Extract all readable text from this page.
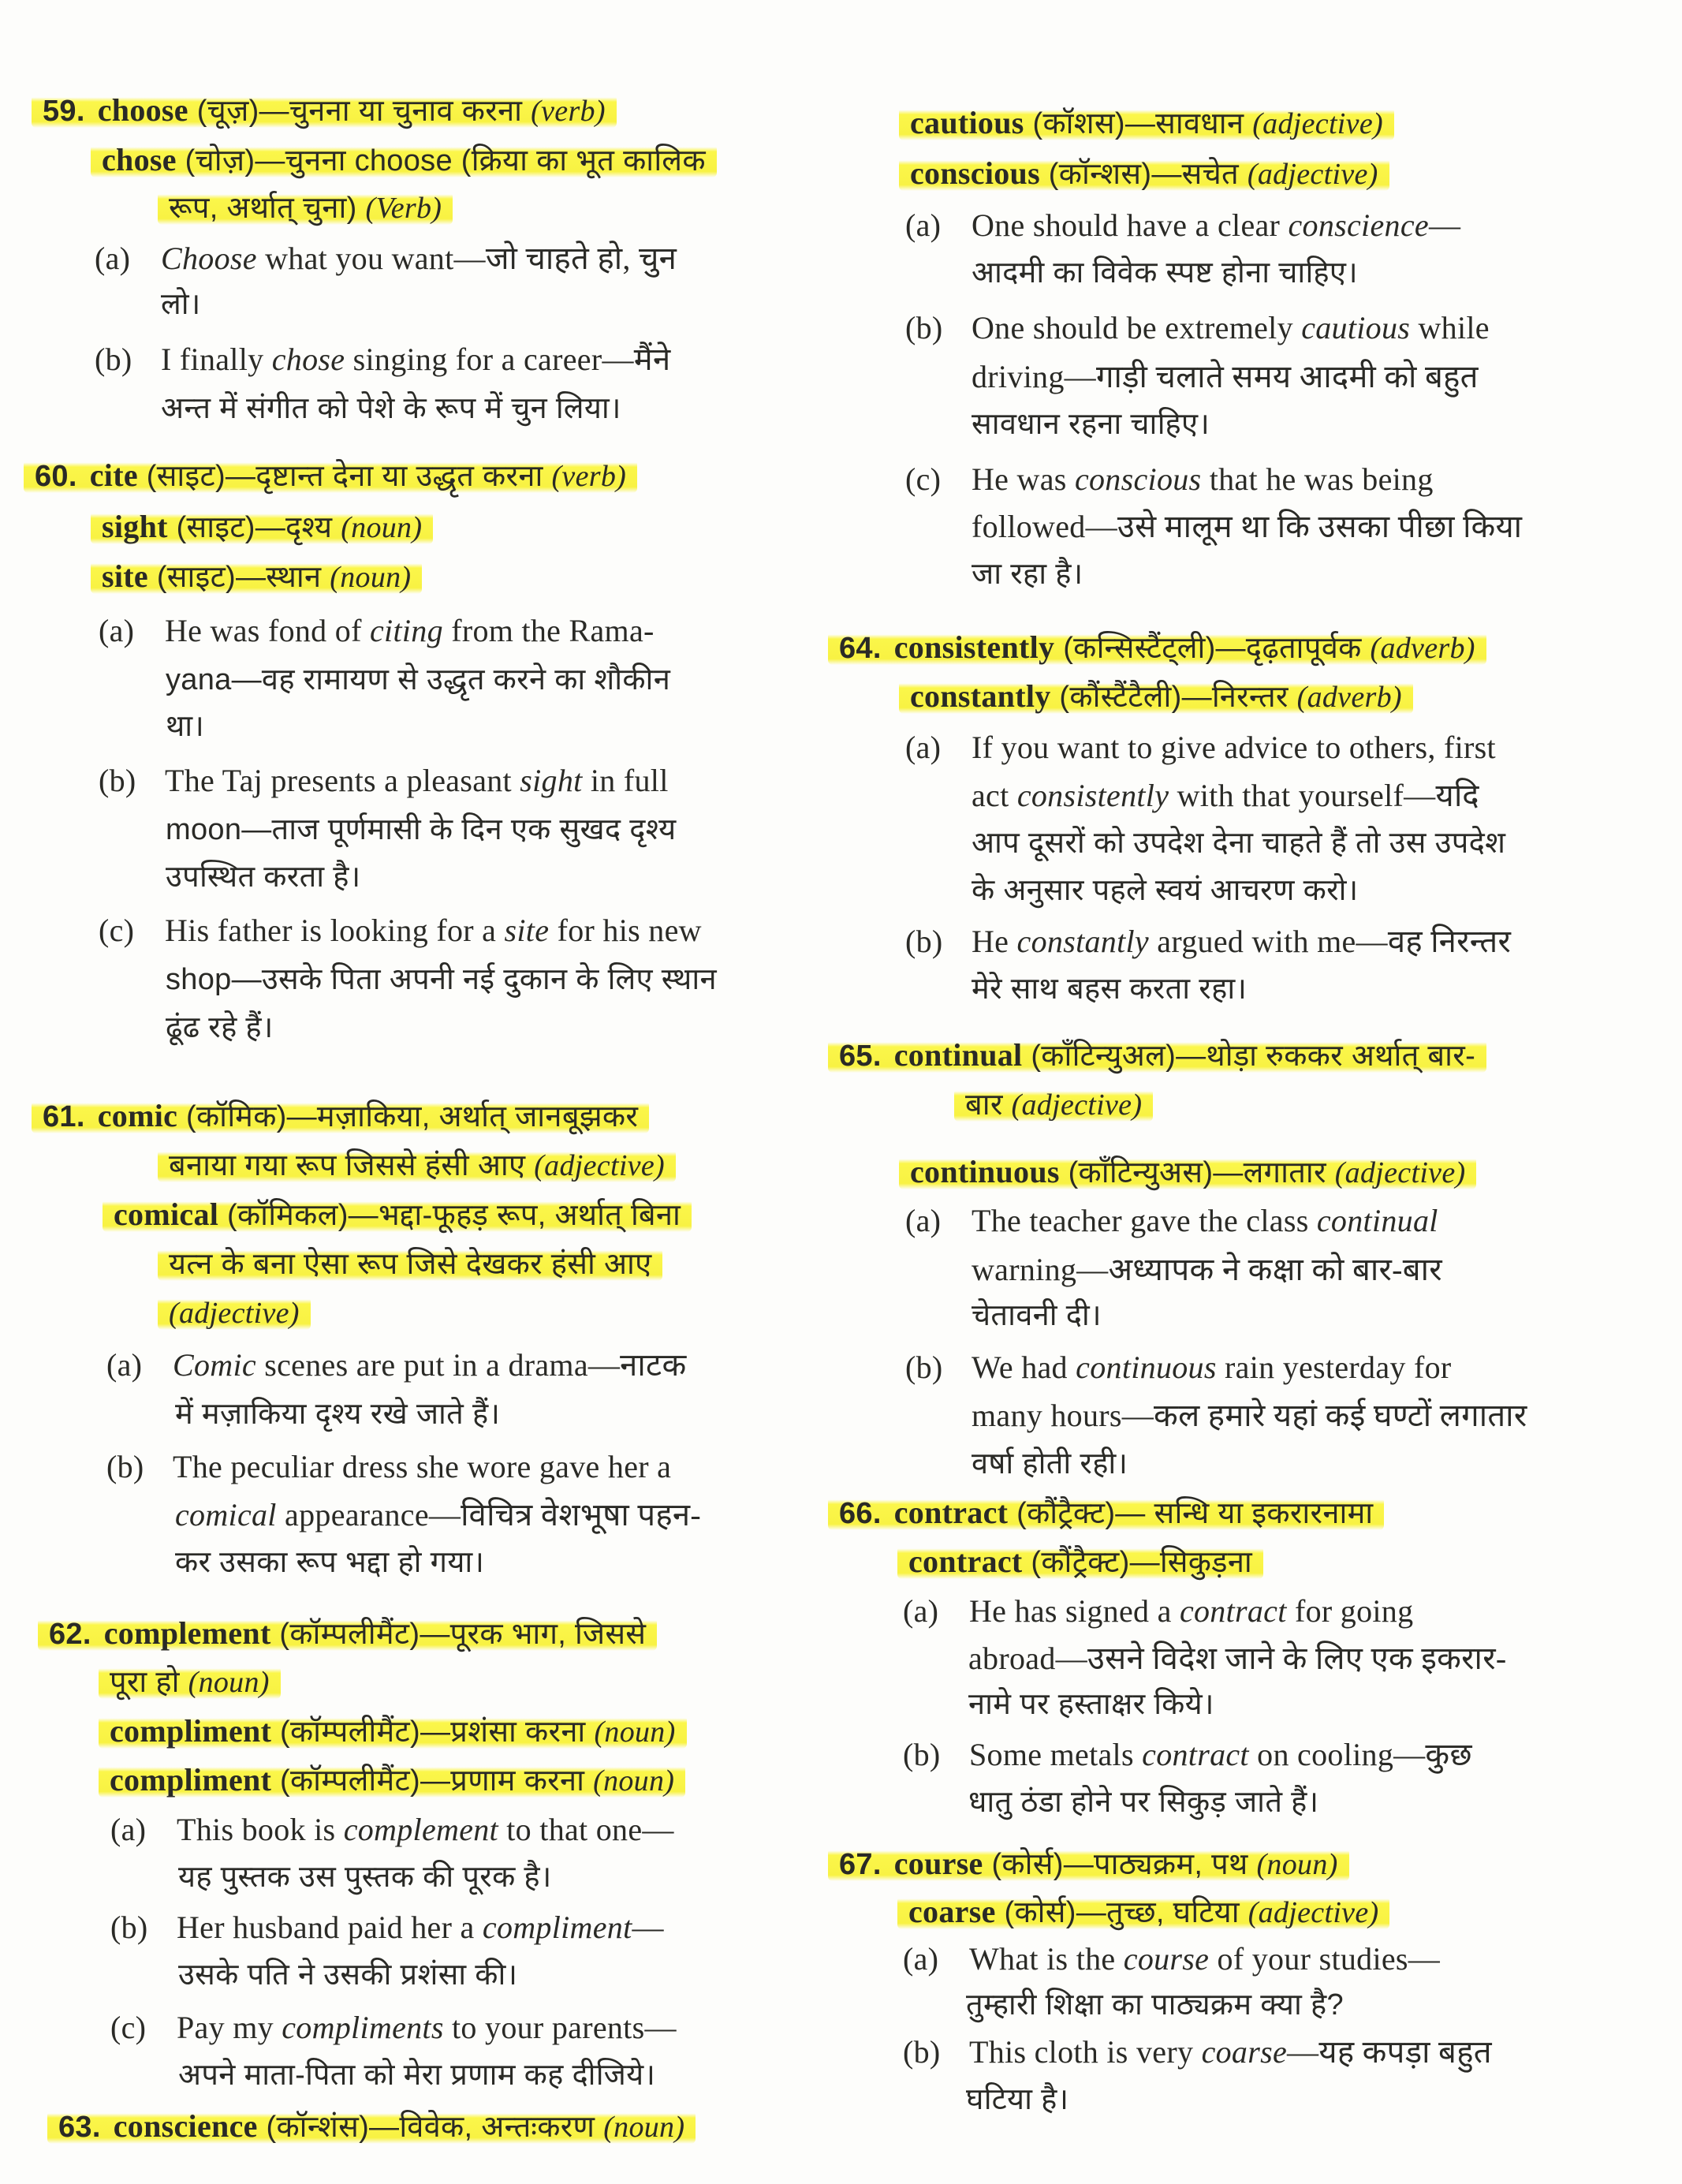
59. choose (चूज़)—चुनना या चुनाव करना (verb)
chose (चोज़)—चुनना choose (क्रिया का भूत कालिक
रूप, अर्थात् चुना) (Verb)
(a) Choose what you want—जो चाहते हो, चुन
लो।
(b) I finally chose singing for a career—मैंने
अन्त में संगीत को पेशे के रूप में चुन लिया।
60. cite (साइट)—दृष्टान्त देना या उद्धृत करना (verb)
sight (साइट)—दृश्य (noun)
site (साइट)—स्थान (noun)
(a) He was fond of citing from the Rama-
yana—वह रामायण से उद्धृत करने का शौकीन
था।
(b) The Taj presents a pleasant sight in full
moon—ताज पूर्णमासी के दिन एक सुखद दृश्य
उपस्थित करता है।
(c) His father is looking for a site for his new
shop—उसके पिता अपनी नई दुकान के लिए स्थान
ढूंढ रहे हैं।
61. comic (कॉमिक)—मज़ाकिया, अर्थात् जानबूझकर
बनाया गया रूप जिससे हंसी आए (adjective)
comical (कॉमिकल)—भद्दा-फूहड़ रूप, अर्थात् बिना
यत्न के बना ऐसा रूप जिसे देखकर हंसी आए
(adjective)
(a) Comic scenes are put in a drama—नाटक
में मज़ाकिया दृश्य रखे जाते हैं।
(b) The peculiar dress she wore gave her a
comical appearance—विचित्र वेशभूषा पहन-
कर उसका रूप भद्दा हो गया।
62. complement (कॉम्पलीमैंट)—पूरक भाग, जिससे
पूरा हो (noun)
compliment (कॉम्पलीमैंट)—प्रशंसा करना (noun)
compliment (कॉम्पलीमैंट)—प्रणाम करना (noun)
(a) This book is complement to that one—
यह पुस्तक उस पुस्तक की पूरक है।
(b) Her husband paid her a compliment—
उसके पति ने उसकी प्रशंसा की।
(c) Pay my compliments to your parents—
अपने माता-पिता को मेरा प्रणाम कह दीजिये।
63. conscience (कॉन्शंस)—विवेक, अन्तःकरण (noun)
cautious (कॉशस)—सावधान (adjective)
conscious (कॉन्शस)—सचेत (adjective)
(a) One should have a clear conscience—
आदमी का विवेक स्पष्ट होना चाहिए।
(b) One should be extremely cautious while
driving—गाड़ी चलाते समय आदमी को बहुत
सावधान रहना चाहिए।
(c) He was conscious that he was being
followed—उसे मालूम था कि उसका पीछा किया
जा रहा है।
64. consistently (कन्सिस्टैंट्ली)—दृढ़तापूर्वक (adverb)
constantly (कौंस्टैंटैली)—निरन्तर (adverb)
(a) If you want to give advice to others, first
act consistently with that yourself—यदि
आप दूसरों को उपदेश देना चाहते हैं तो उस उपदेश
के अनुसार पहले स्वयं आचरण करो।
(b) He constantly argued with me—वह निरन्तर
मेरे साथ बहस करता रहा।
65. continual (कॉंटिन्युअल)—थोड़ा रुककर अर्थात् बार-
बार (adjective)
continuous (कॉंटिन्युअस)—लगातार (adjective)
(a) The teacher gave the class continual
warning—अध्यापक ने कक्षा को बार-बार
चेतावनी दी।
(b) We had continuous rain yesterday for
many hours—कल हमारे यहां कई घण्टों लगातार
वर्षा होती रही।
66. contract (कौंट्रैक्ट)— सन्धि या इकरारनामा
contract (कौंट्रैक्ट)—सिकुड़ना
(a) He has signed a contract for going
abroad—उसने विदेश जाने के लिए एक इकरार-
नामे पर हस्ताक्षर किये।
(b) Some metals contract on cooling—कुछ
धातु ठंडा होने पर सिकुड़ जाते हैं।
67. course (कोर्स)—पाठ्यक्रम, पथ (noun)
coarse (कोर्स)—तुच्छ, घटिया (adjective)
(a) What is the course of your studies—
तुम्हारी शिक्षा का पाठ्यक्रम क्या है?
(b) This cloth is very coarse—यह कपड़ा बहुत
घटिया है।
